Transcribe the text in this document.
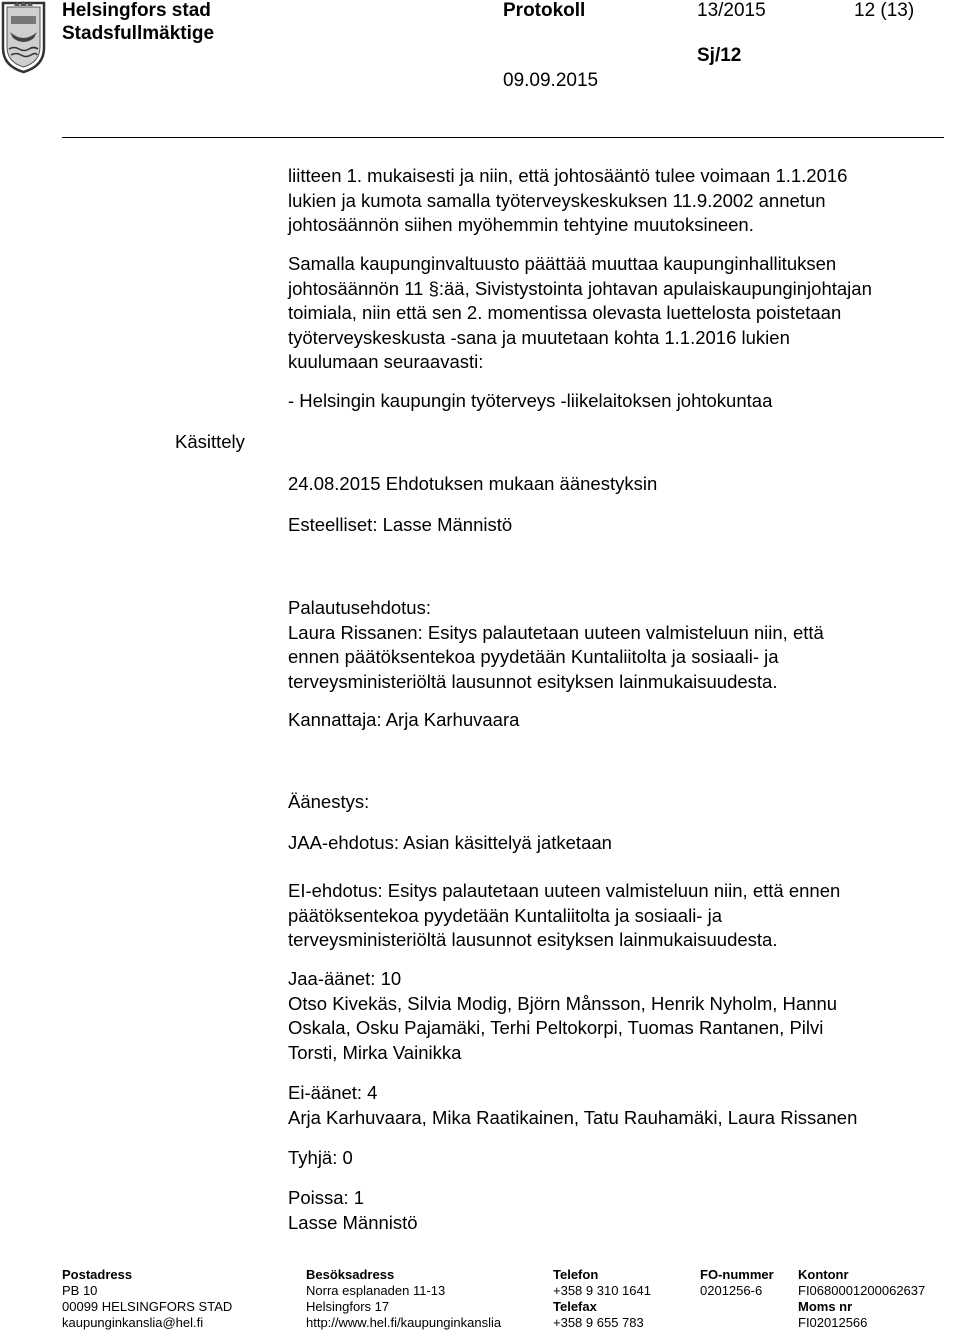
Helsingfors stad
Stadsfullmäktige
Protokoll	13/2015	12 (13)
Sj/12
09.09.2015

liitteen 1. mukaisesti ja niin, että johtosääntö tulee voimaan 1.1.2016

lukien ja kumota samalla työterveyskeskuksen 11.9.2002 annetun

johtosäännön siihen myöhemmin tehtyine muutoksineen.

Samalla kaupunginvaltuusto päättää muuttaa kaupunginhallituksen

johtosäännön 11 §:ää, Sivistystointa johtavan apulaiskaupunginjohtajan

toimiala, niin että sen 2. momentissa olevasta luettelosta poistetaan

työterveyskeskusta -sana ja muutetaan kohta 1.1.2016 lukien

kuulumaan seuraavasti:

- Helsingin kaupungin työterveys -liikelaitoksen johtokuntaa

Käsittely

24.08.2015 Ehdotuksen mukaan äänestyksin

Esteelliset: Lasse Männistö

Palautusehdotus:

Laura Rissanen: Esitys palautetaan uuteen valmisteluun niin, että

ennen päätöksentekoa pyydetään Kuntaliitolta ja sosiaali- ja

terveysministeriöltä lausunnot esityksen lainmukaisuudesta.

Kannattaja: Arja Karhuvaara

Äänestys:

JAA-ehdotus: Asian käsittelyä jatketaan

EI-ehdotus: Esitys palautetaan uuteen valmisteluun niin, että ennen

päätöksentekoa pyydetään Kuntaliitolta ja sosiaali- ja

terveysministeriöltä lausunnot esityksen lainmukaisuudesta.

Jaa-äänet: 10

Otso Kivekäs, Silvia Modig, Björn Månsson, Henrik Nyholm, Hannu

Oskala, Osku Pajamäki, Terhi Peltokorpi, Tuomas Rantanen, Pilvi

Torsti, Mirka Vainikka

Ei-äänet: 4

Arja Karhuvaara, Mika Raatikainen, Tatu Rauhamäki, Laura Rissanen

Tyhjä: 0

Poissa: 1

Lasse Männistö

Postadress
PB 10
00099 HELSINGFORS STAD
kaupunginkanslia@hel.fi
Besöksadress
Norra esplanaden 11-13
Helsingfors 17
http://www.hel.fi/kaupunginkanslia
Telefon
+358 9 310 1641
Telefax
+358 9 655 783
FO-nummer
0201256-6
Kontonr
FI0680001200062637
Moms nr
FI02012566
